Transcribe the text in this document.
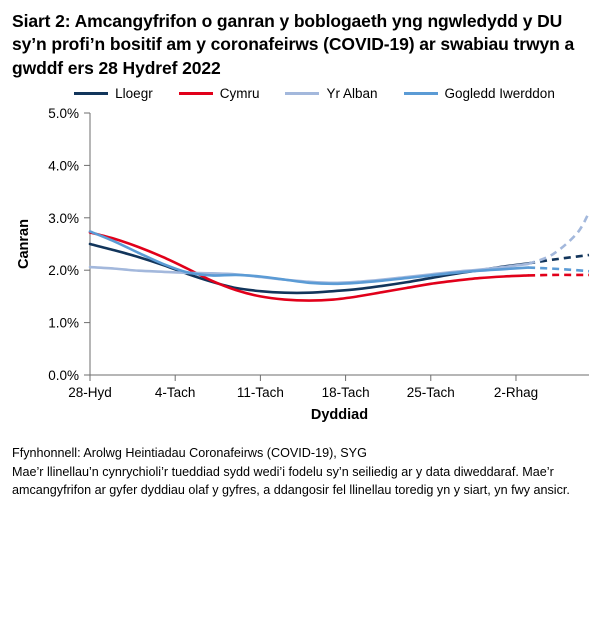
Siart 2: Amcangyfrifon o ganran y boblogaeth yng ngwledydd y DU sy’n profi’n bositif am y coronafeirws (COVID-19) ar swabiau trwyn a gwddf ers 28 Hydref 2022
Lloegr	Cymru	Yr Alban	Gogledd Iwerddon
0.0%
1.0%
2.0%
3.0%
4.0%
5.0%
28-Hyd	4-Tach	11-Tach	18-Tach	25-Tach	2-Rhag
Dyddiad
Canran

Ffynhonnell: Arolwg Heintiadau Coronafeirws (COVID-19), SYG

Mae’r llinellau’n cynrychioli’r tueddiad sydd wedi’i fodelu sy’n seiliedig ar y data diweddaraf. Mae’r amcangyfrifon ar gyfer dyddiau olaf y gyfres, a ddangosir fel llinellau toredig yn y siart, yn fwy ansicr.
